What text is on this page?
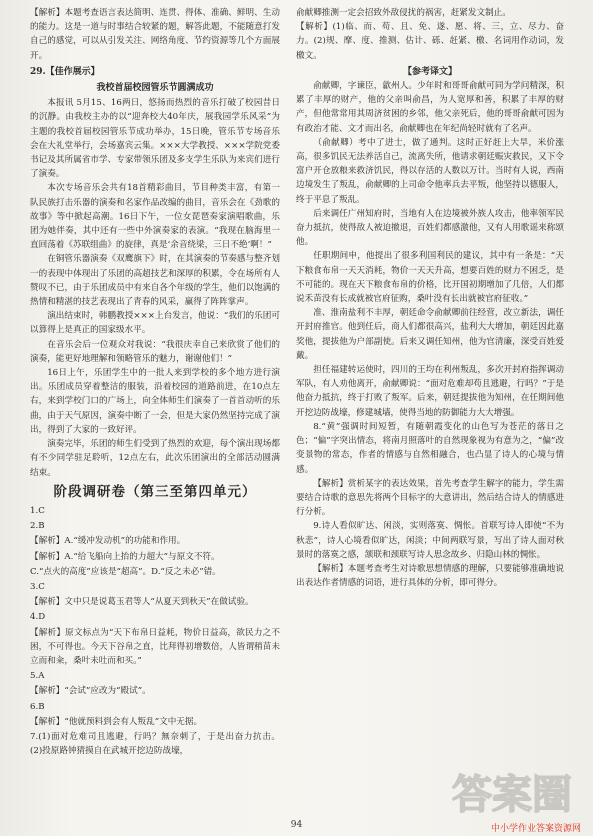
【解析】本题考查语言表达简明、连贯、得体、准确、鲜明、生动的能力。这是一道与时事结合较紧的题，解答此题，不能随意打发自己的感觉，可以从引发关注、网络角度、节约资源等几个方面展开。

29.【佳作展示】

我校首届校园管乐节圆满成功

本报讯 5月15、16两日，悠扬而热烈的音乐打破了校园昔日的沉静。由我校主办的以“迎奔校大40年庆，展我园学乐风采”为主题的我校首届校园管乐节成功举办，15日晚，管乐节专场音乐会在大礼堂举行，会场嘉宾云集。×××大学教授、×××学院党委书记及其所属省市学、专家带领乐团及多支学生乐队为来宾们进行了演奏。

本次专场音乐会共有18首精彩曲目，节目种类丰富，有第一队民族打击乐器的演奏和名家作品改编的曲目，音乐会在《劲歌的故事》等中掀起高潮。16日下午，一位女琵琶奏家演唱歌曲，乐团为她伴奏，其中还有一些中外演奏家的表演。“我现在脑海里一直回荡着《苏联组曲》的旋律，真是‘余音绕梁，三日不绝’啊！”

在铜管乐器演奏《双鹰旗下》时，在其演奏的节奏感与整齐划一的表现中体现出了乐团的高超技艺和深厚的积累，令在场所有人赞叹不已，由于乐团成员中有来自各个年级的学生，他们以饱满的热情和精湛的技艺表现出了青春的风采，赢得了阵阵掌声。

演出结束时，韩鹏教授×××上台发言，他说：“我们的乐团可以算得上是真正的国家级水平。

在音乐会后一位观众对我说：“我很庆幸自己来欣赏了他们的演奏，能更好地理解和领略管乐的魅力，谢谢他们！”

16日上午，乐团学生中的一批人来到学校的多个地方进行演出。乐团成员穿着整洁的服装，沿着校园的道路前进，在10点左右，来到学校门口的广场上，向全体师生们演奏了一首首动听的乐曲，由于天气原因，演奏中断了一会，但是大家仍然坚持完成了演出，得到了大家的一致好评。

演奏完毕，乐团的师生们受到了热烈的欢迎，每个演出现场都有不少同学驻足聆听，12点左右，此次乐团演出的全部活动圆满结束。

阶段调研卷（第三至第四单元）

1.C

2.B

【解析】A.“缓冲发动机”的功能和作用。

【解析】A.“给飞船向上抬的力超大”与原文不符。

C.“点火的高度”应该是“超高”。D.“反之未必”错。

3.C

【解析】文中只是说葛玉君等人“从夏天到秋天”在做试验。

4.D

【解析】原文标点为“天下布帛日益耗，物价日益高，欲民力之不困，不可得也。今天下谷帛之直，比拜得初增数倍，人皆谓稍苗未立而和籴，桑叶未吐而和买。”

5.A

【解析】“会试”应改为“殿试”。

6.B

【解析】“他就预料到会有人叛乱”文中无据。

7.(1)面对危难司且逃避，行吗？無奈刺了，于是出奋力抗击。 (2)投原路钟猜摸自在武城开挖边防战壕，

俞献卿推测一定会招致外敌侵扰的祸害，赶紧发文制止。

【解析】(1)临、而、苟、且、免、遂、愿、将、三，立、尽力、奋力。(2)规、摩、度、推测、估计、砾、赶紧、檄、名词用作动词，发檄文。

【参考译文】

俞献卿，字谏臣，歙州人。少年时和哥哥俞献可同为学问精深，积累了丰厚的财产，他的父亲叫俞昌，为人宽厚和善，积累了丰厚的财产，但他常常用其周济贫困的乡邻，他父亲死后，他的哥哥俞献可因为有政治才能、文才而出名，俞献卿也在年纪尚轻时就有了名声。

（俞献卿）考中了进士，做了通判。这时正好赶上大旱，米价涨高，很多饥民无法养活自己，流离失所，他请求朝廷赈灾救民，又下令富户开仓放粮来救济饥民，得以存活的人数以万计。当时有人说，西南边境发生了叛乱，俞献卿的上司命令他率兵去平叛，他坚持以德服人，终于平息了叛乱。

后来调任广州知府时，当地有人在边境被外族人攻击，他率领军民奋力抵抗，使得敌人被迫撤退，百姓们都感激他，又有人用歌谣来称颂他。

任职期间申，他提出了很多利国利民的建议，其中有一条是：“天下粮食布帛一天天消耗，物价一天天升高，想要百姓的财力不困乏，是不可能的。现在天下粮食布帛的价格，比开国初期增加了几倍，人们都说禾苗没有长成就被官府征购，桑叶没有长出就被官府征收。”

准、淮南盐利不丰厚，朝廷命令俞献卿前往经营，改立新法，调任开封府推官。他到任后，商人们都很高兴，盐利大大增加，朝廷因此嘉奖他，提拔他为户部副使。后来又调任知州，他为官清廉，深受百姓爱戴。

担任福建转运使时，四川的王均在利州叛乱，多次开封府指挥调动军队，有人劝他离开，俞献卿说：“面对危难却苟且逃避，行吗？”于是他奋力抵抗，终于打败了叛军。后来，朝廷提拔他为知州，在任期间他开挖边防战壕，修建城墙，使得当地的防御能力大大增强。

8.“黄”强调时间短暂，有随朝霞变化的山色写为苍茫的落日之色；“偏”字突出情态，将南月照落叶的自然现象视为有意为之，“偏”改变景物的常态，作者的情感与自然相融合，也凸显了诗人的心境与情感。

【解析】赏析某字的表达效果，首先考查学生解字的能力，学生需要结合诗歌的意思先将两个目标字的大意讲出，然后结合诗人的情感进行分析。

9.诗人看似旷达、闲淡，实则落寞、惆怅。首联写诗人即使“不为秋悲”，诗人心境看似旷达，闲淡；中间两联写景，写出了诗人面对秋景时的落寞之感，颔联和颈联写诗人思念故乡、归隐山林的惆怅。

【解析】本题考查考生对诗歌思想情感的理解，只要能够准确地说出表达作者情感的词语，进行具体的分析，即可得分。

94
答案圈
中小学作业答案资源网
